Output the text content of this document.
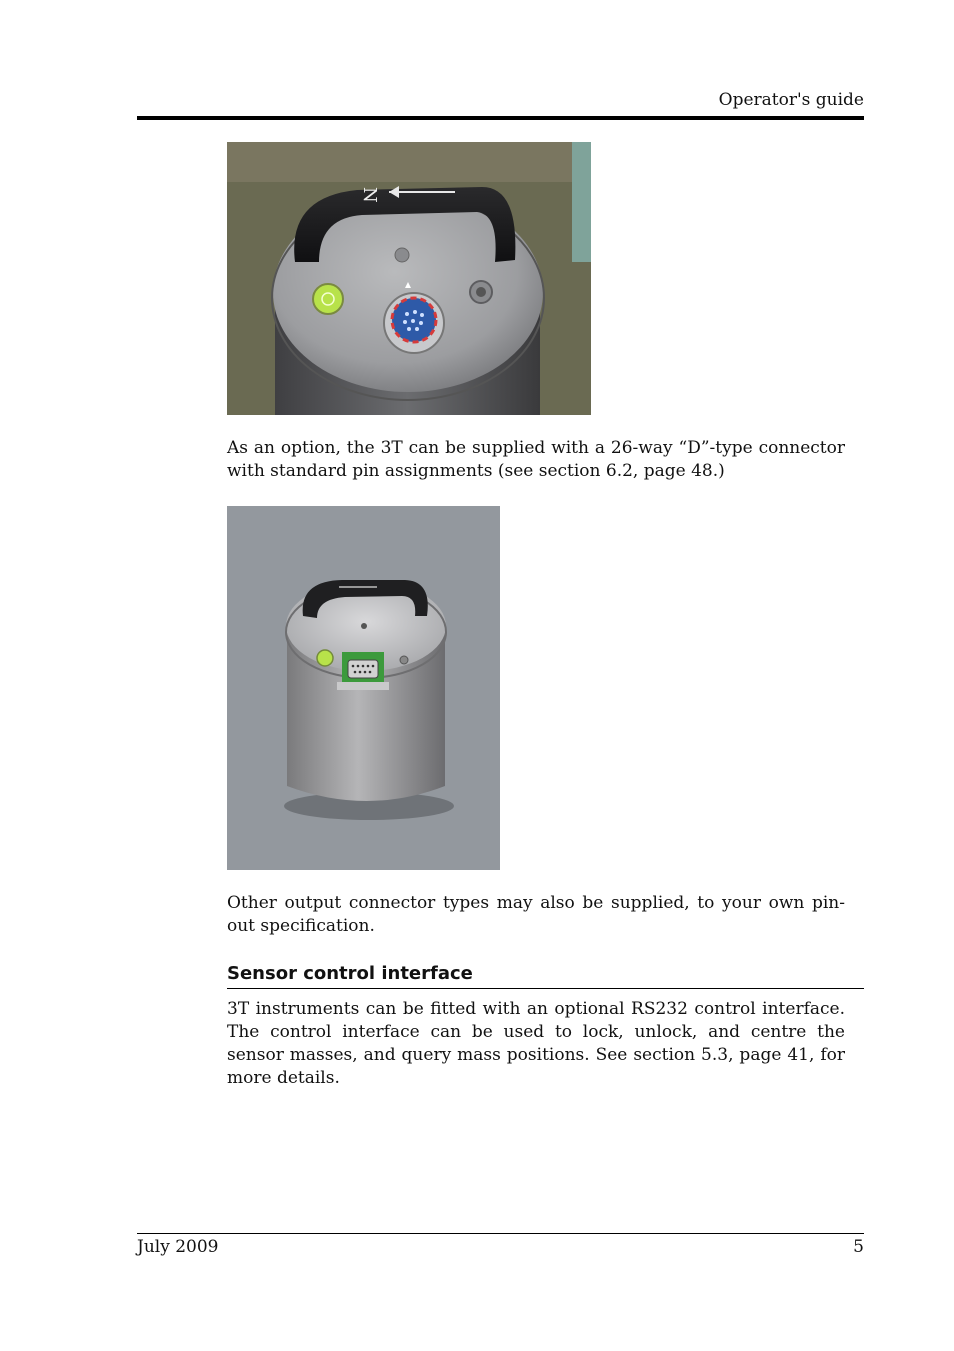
Operator's guide
N

As an option, the 3T can be supplied with a 26-way “D”-type connector with standard pin assignments (see section 6.2, page 48.)

Other output connector types may also be supplied, to your own pin-out specification.

Sensor control interface

3T instruments can be fitted with an optional RS232 control interface. The control interface can be used to lock, unlock, and centre the sensor masses, and query mass positions. See section 5.3, page 41, for more details.

July 2009	5
